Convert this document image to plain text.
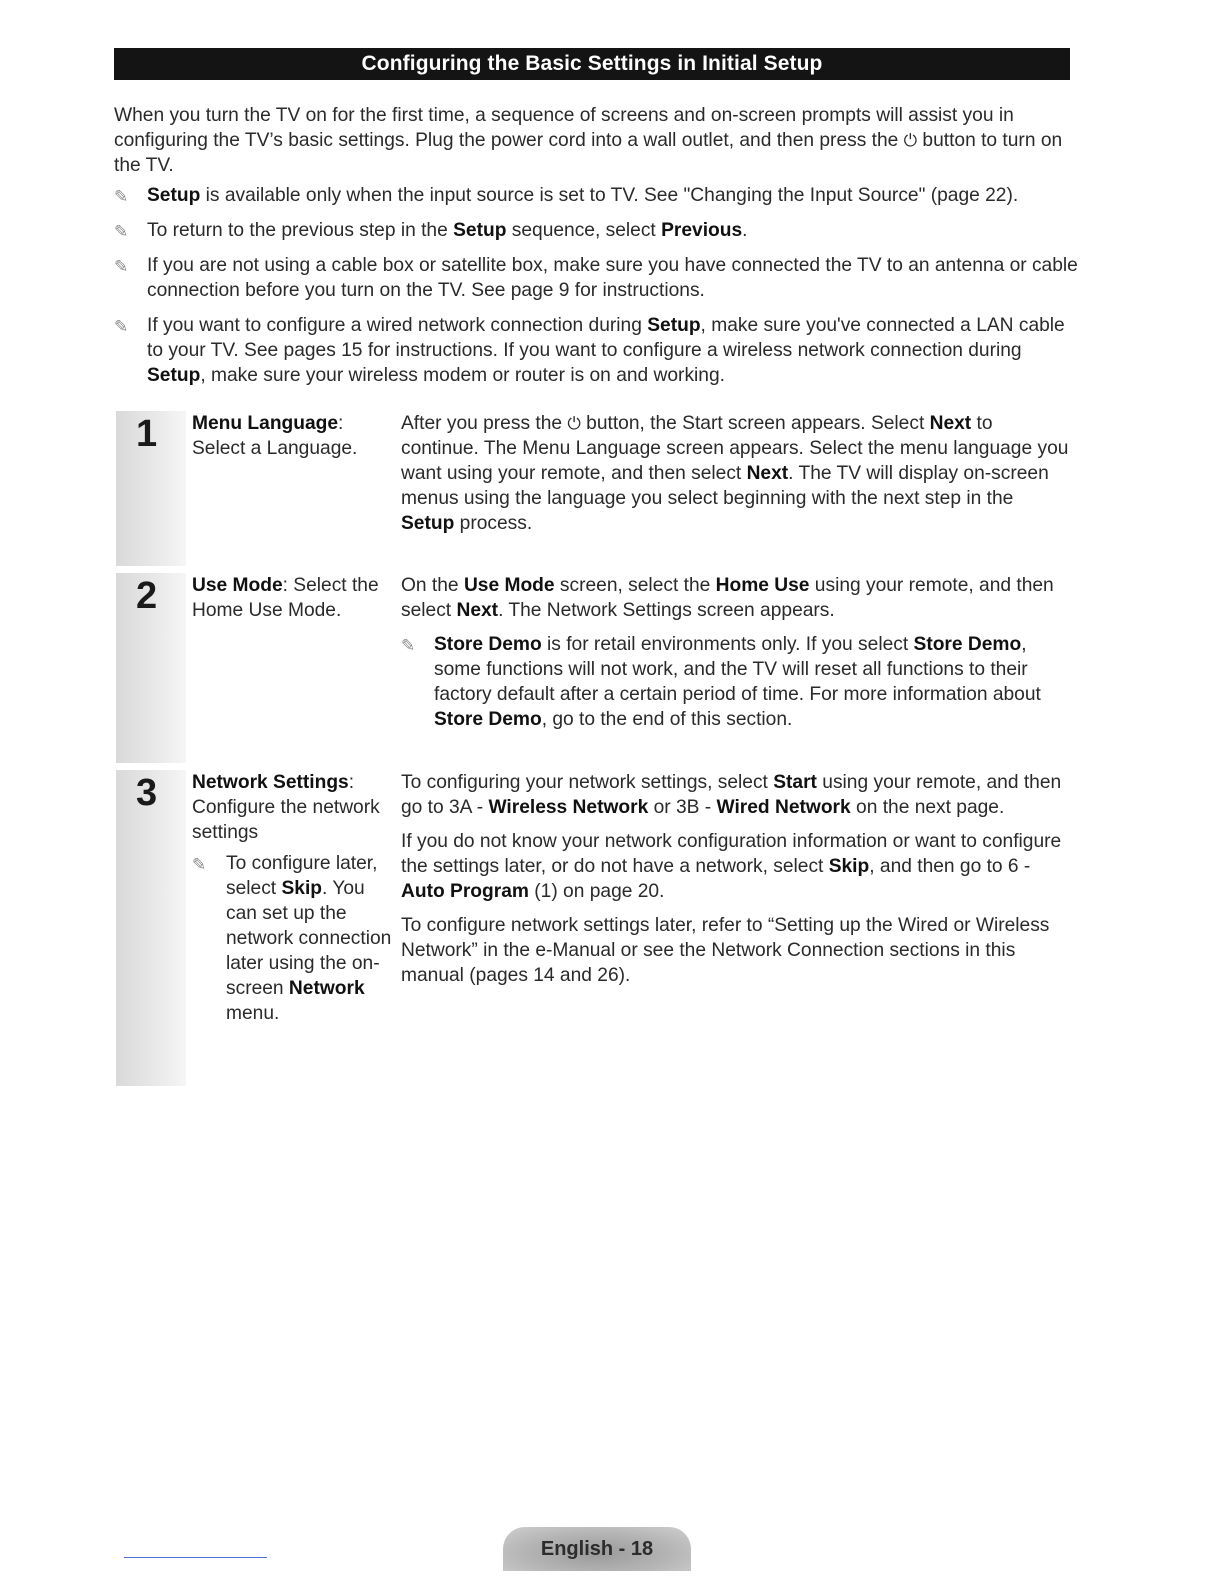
Configuring the Basic Settings in Initial Setup

When you turn the TV on for the first time, a sequence of screens and on-screen prompts will assist you in configuring the TV’s basic settings. Plug the power cord into a wall outlet, and then press the ⏻ button to turn on the TV.

✎ Setup is available only when the input source is set to TV. See "Changing the Input Source" (page 22).
✎ To return to the previous step in the Setup sequence, select Previous.
✎ If you are not using a cable box or satellite box, make sure you have connected the TV to an antenna or cable connection before you turn on the TV. See page 9 for instructions.
✎ If you want to configure a wired network connection during Setup, make sure you've connected a LAN cable to your TV. See pages 15 for instructions. If you want to configure a wireless network connection during Setup, make sure your wireless modem or router is on and working.
1 Menu Language: Select a Language.

After you press the ⏻ button, the Start screen appears. Select Next to continue. The Menu Language screen appears. Select the menu language you want using your remote, and then select Next. The TV will display on-screen menus using the language you select beginning with the next step in the Setup process.

2 Use Mode: Select the Home Use Mode.

On the Use Mode screen, select the Home Use using your remote, and then select Next. The Network Settings screen appears.

✎ Store Demo is for retail environments only. If you select Store Demo, some functions will not work, and the TV will reset all functions to their factory default after a certain period of time. For more information about Store Demo, go to the end of this section.
3 Network Settings: Configure the network settings
✎ To configure later, select Skip. You can set up the network connection later using the on-screen Network menu.

To configuring your network settings, select Start using your remote, and then go to 3A - Wireless Network or 3B - Wired Network on the next page.

If you do not know your network configuration information or want to configure the settings later, or do not have a network, select Skip, and then go to 6 - Auto Program (1) on page 20.

To configure network settings later, refer to “Setting up the Wired or Wireless Network” in the e-Manual or see the Network Connection sections in this manual (pages 14 and 26).

English - 18
